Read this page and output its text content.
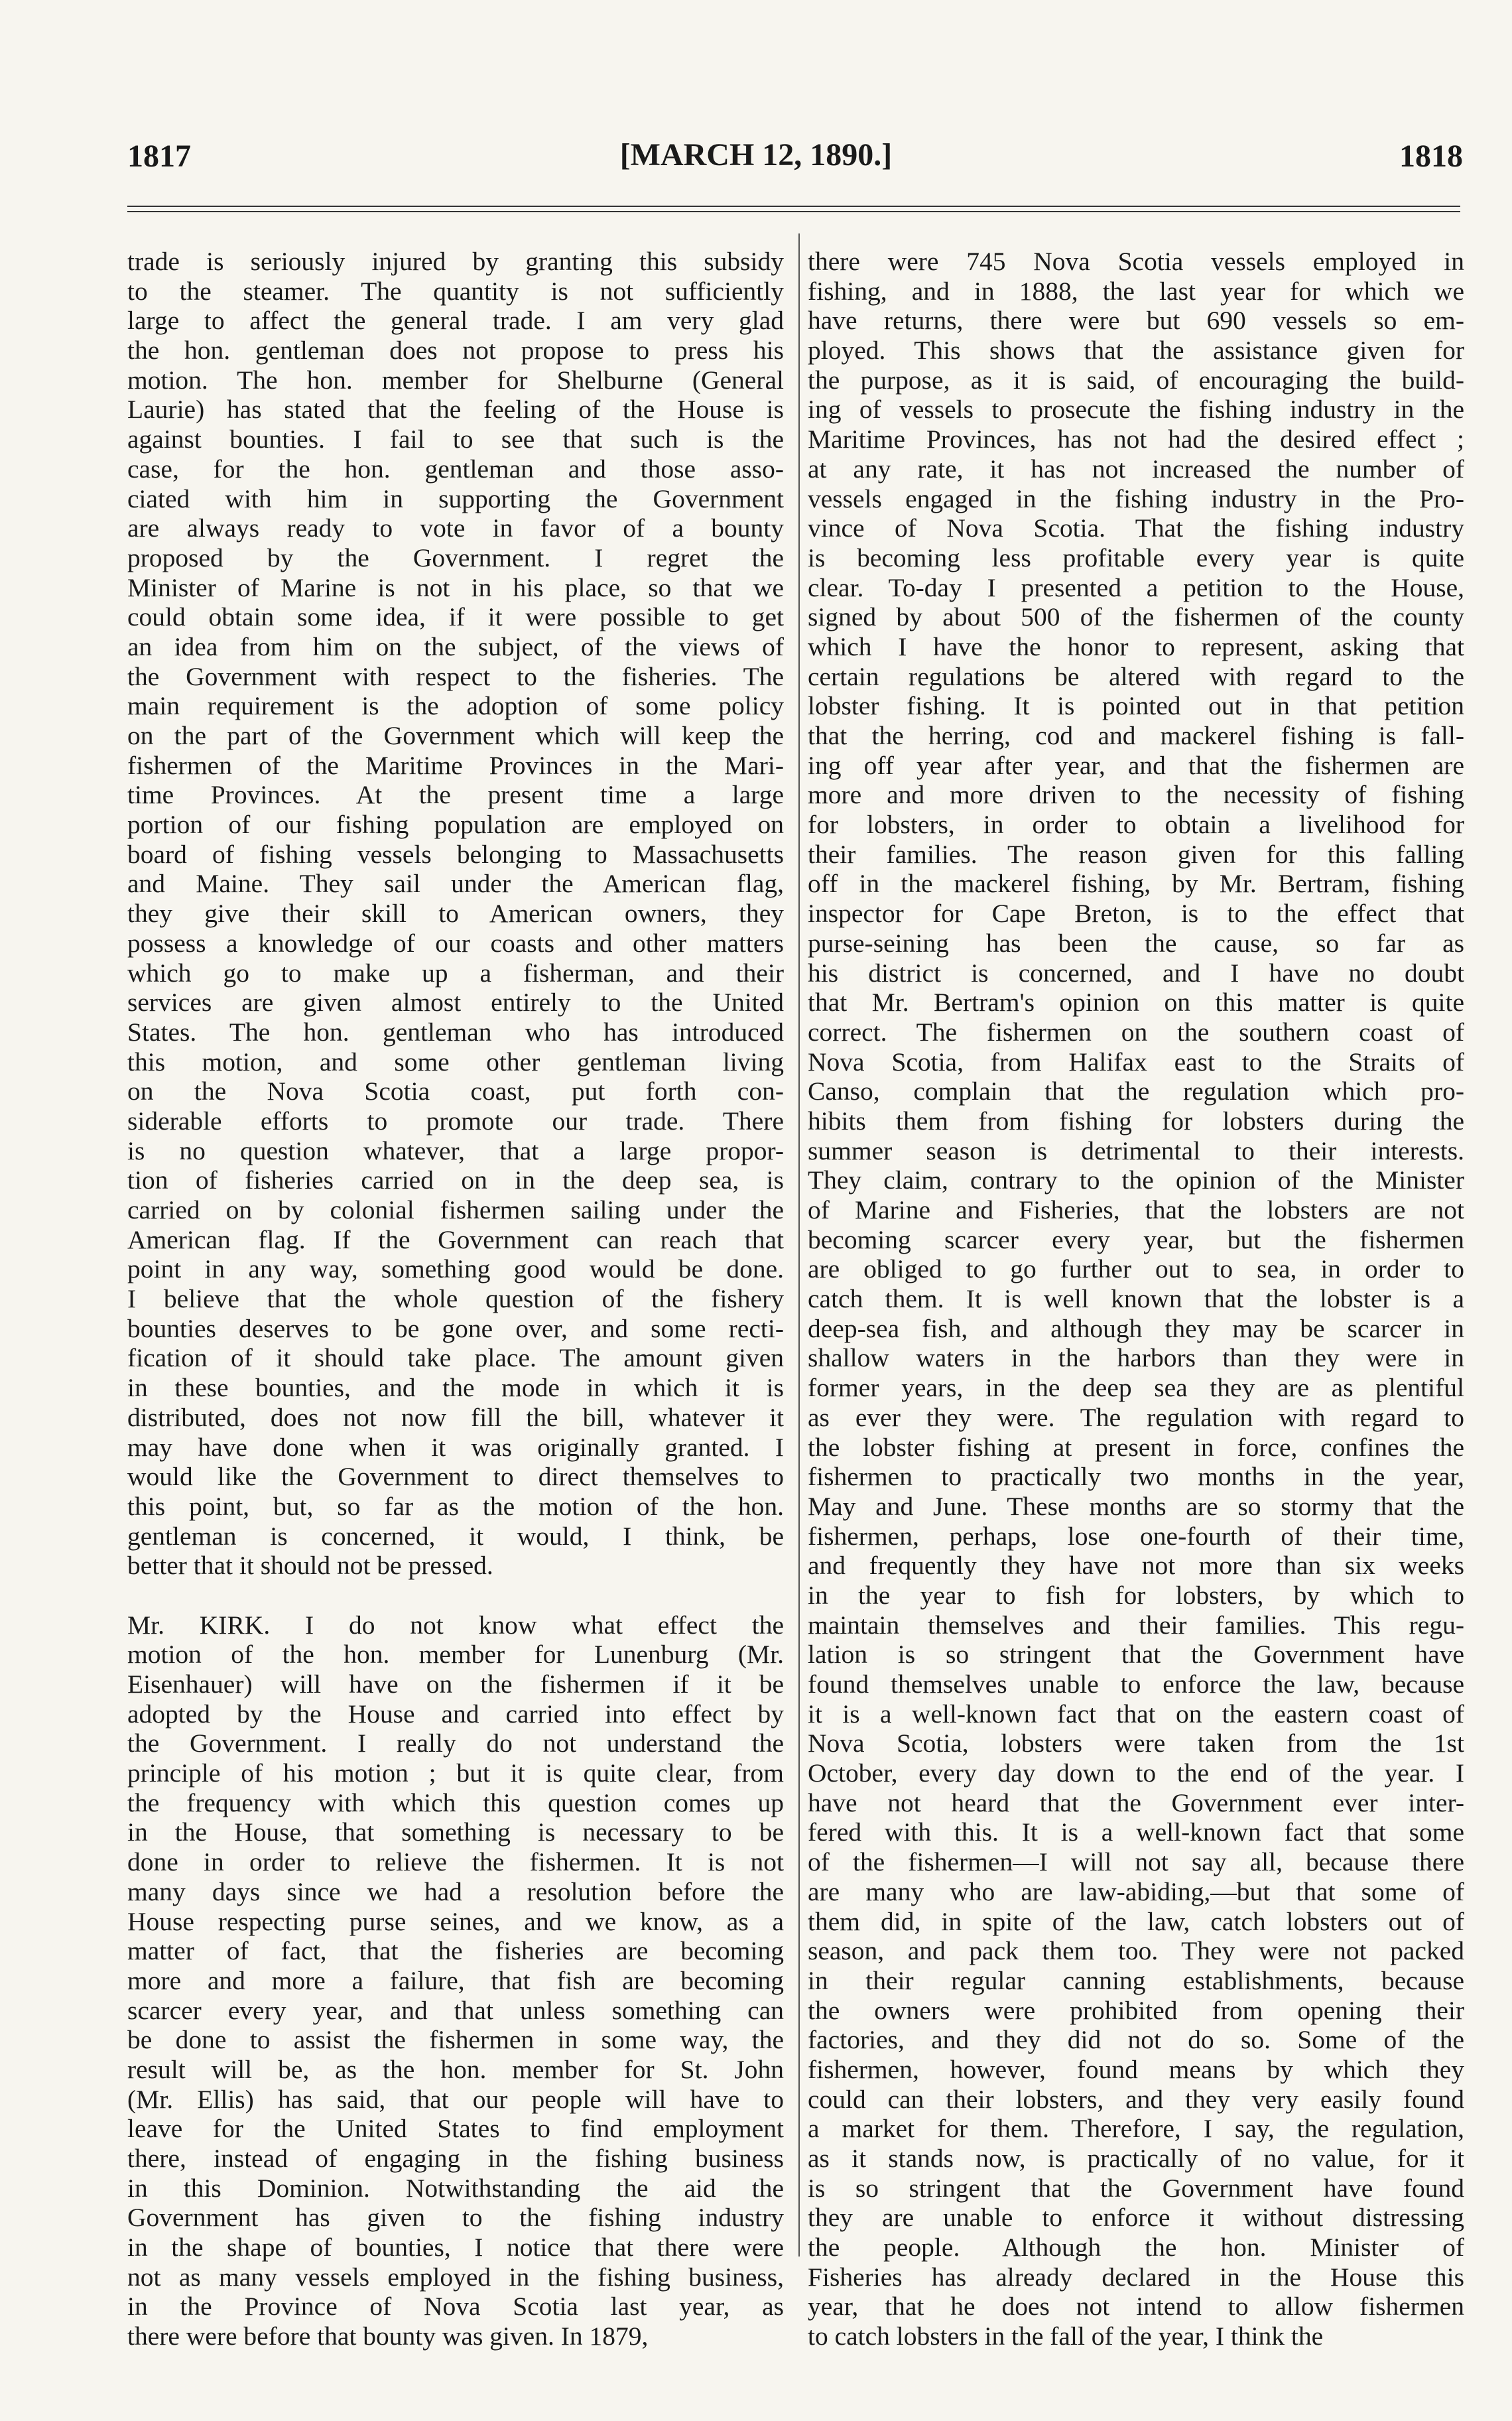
1817	[MARCH 12, 1890.]	1818

trade is seriously injured by granting this subsidy
to the steamer. The quantity is not sufficiently
large to affect the general trade. I am very glad
the hon. gentleman does not propose to press his
motion. The hon. member for Shelburne (General
Laurie) has stated that the feeling of the House is
against bounties. I fail to see that such is the
case, for the hon. gentleman and those asso-
ciated with him in supporting the Government
are always ready to vote in favor of a bounty
proposed by the Government. I regret the
Minister of Marine is not in his place, so that we
could obtain some idea, if it were possible to get
an idea from him on the subject, of the views of
the Government with respect to the fisheries. The
main requirement is the adoption of some policy
on the part of the Government which will keep the
fishermen of the Maritime Provinces in the Mari-
time Provinces. At the present time a large
portion of our fishing population are employed on
board of fishing vessels belonging to Massachusetts
and Maine. They sail under the American flag,
they give their skill to American owners, they
possess a knowledge of our coasts and other matters
which go to make up a fisherman, and their
services are given almost entirely to the United
States. The hon. gentleman who has introduced
this motion, and some other gentleman living
on the Nova Scotia coast, put forth con-
siderable efforts to promote our trade. There
is no question whatever, that a large propor-
tion of fisheries carried on in the deep sea, is
carried on by colonial fishermen sailing under the
American flag. If the Government can reach that
point in any way, something good would be done.
I believe that the whole question of the fishery
bounties deserves to be gone over, and some recti-
fication of it should take place. The amount given
in these bounties, and the mode in which it is
distributed, does not now fill the bill, whatever it
may have done when it was originally granted. I
would like the Government to direct themselves to
this point, but, so far as the motion of the hon.
gentleman is concerned, it would, I think, be
better that it should not be pressed.

Mr. KIRK. I do not know what effect the
motion of the hon. member for Lunenburg (Mr.
Eisenhauer) will have on the fishermen if it be
adopted by the House and carried into effect by
the Government. I really do not understand the
principle of his motion ; but it is quite clear, from
the frequency with which this question comes up
in the House, that something is necessary to be
done in order to relieve the fishermen. It is not
many days since we had a resolution before the
House respecting purse seines, and we know, as a
matter of fact, that the fisheries are becoming
more and more a failure, that fish are becoming
scarcer every year, and that unless something can
be done to assist the fishermen in some way, the
result will be, as the hon. member for St. John
(Mr. Ellis) has said, that our people will have to
leave for the United States to find employment
there, instead of engaging in the fishing business
in this Dominion. Notwithstanding the aid the
Government has given to the fishing industry
in the shape of bounties, I notice that there were
not as many vessels employed in the fishing business,
in the Province of Nova Scotia last year, as
there were before that bounty was given. In 1879,

there were 745 Nova Scotia vessels employed in
fishing, and in 1888, the last year for which we
have returns, there were but 690 vessels so em-
ployed. This shows that the assistance given for
the purpose, as it is said, of encouraging the build-
ing of vessels to prosecute the fishing industry in the
Maritime Provinces, has not had the desired effect ;
at any rate, it has not increased the number of
vessels engaged in the fishing industry in the Pro-
vince of Nova Scotia. That the fishing industry
is becoming less profitable every year is quite
clear. To-day I presented a petition to the House,
signed by about 500 of the fishermen of the county
which I have the honor to represent, asking that
certain regulations be altered with regard to the
lobster fishing. It is pointed out in that petition
that the herring, cod and mackerel fishing is fall-
ing off year after year, and that the fishermen are
more and more driven to the necessity of fishing
for lobsters, in order to obtain a livelihood for
their families. The reason given for this falling
off in the mackerel fishing, by Mr. Bertram, fishing
inspector for Cape Breton, is to the effect that
purse-seining has been the cause, so far as
his district is concerned, and I have no doubt
that Mr. Bertram's opinion on this matter is quite
correct. The fishermen on the southern coast of
Nova Scotia, from Halifax east to the Straits of
Canso, complain that the regulation which pro-
hibits them from fishing for lobsters during the
summer season is detrimental to their interests.
They claim, contrary to the opinion of the Minister
of Marine and Fisheries, that the lobsters are not
becoming scarcer every year, but the fishermen
are obliged to go further out to sea, in order to
catch them. It is well known that the lobster is a
deep-sea fish, and although they may be scarcer in
shallow waters in the harbors than they were in
former years, in the deep sea they are as plentiful
as ever they were. The regulation with regard to
the lobster fishing at present in force, confines the
fishermen to practically two months in the year,
May and June. These months are so stormy that the
fishermen, perhaps, lose one-fourth of their time,
and frequently they have not more than six weeks
in the year to fish for lobsters, by which to
maintain themselves and their families. This regu-
lation is so stringent that the Government have
found themselves unable to enforce the law, because
it is a well-known fact that on the eastern coast of
Nova Scotia, lobsters were taken from the 1st
October, every day down to the end of the year. I
have not heard that the Government ever inter-
fered with this. It is a well-known fact that some
of the fishermen—I will not say all, because there
are many who are law-abiding,—but that some of
them did, in spite of the law, catch lobsters out of
season, and pack them too. They were not packed
in their regular canning establishments, because
the owners were prohibited from opening their
factories, and they did not do so. Some of the
fishermen, however, found means by which they
could can their lobsters, and they very easily found
a market for them. Therefore, I say, the regulation,
as it stands now, is practically of no value, for it
is so stringent that the Government have found
they are unable to enforce it without distressing
the people. Although the hon. Minister of
Fisheries has already declared in the House this
year, that he does not intend to allow fishermen
to catch lobsters in the fall of the year, I think the
